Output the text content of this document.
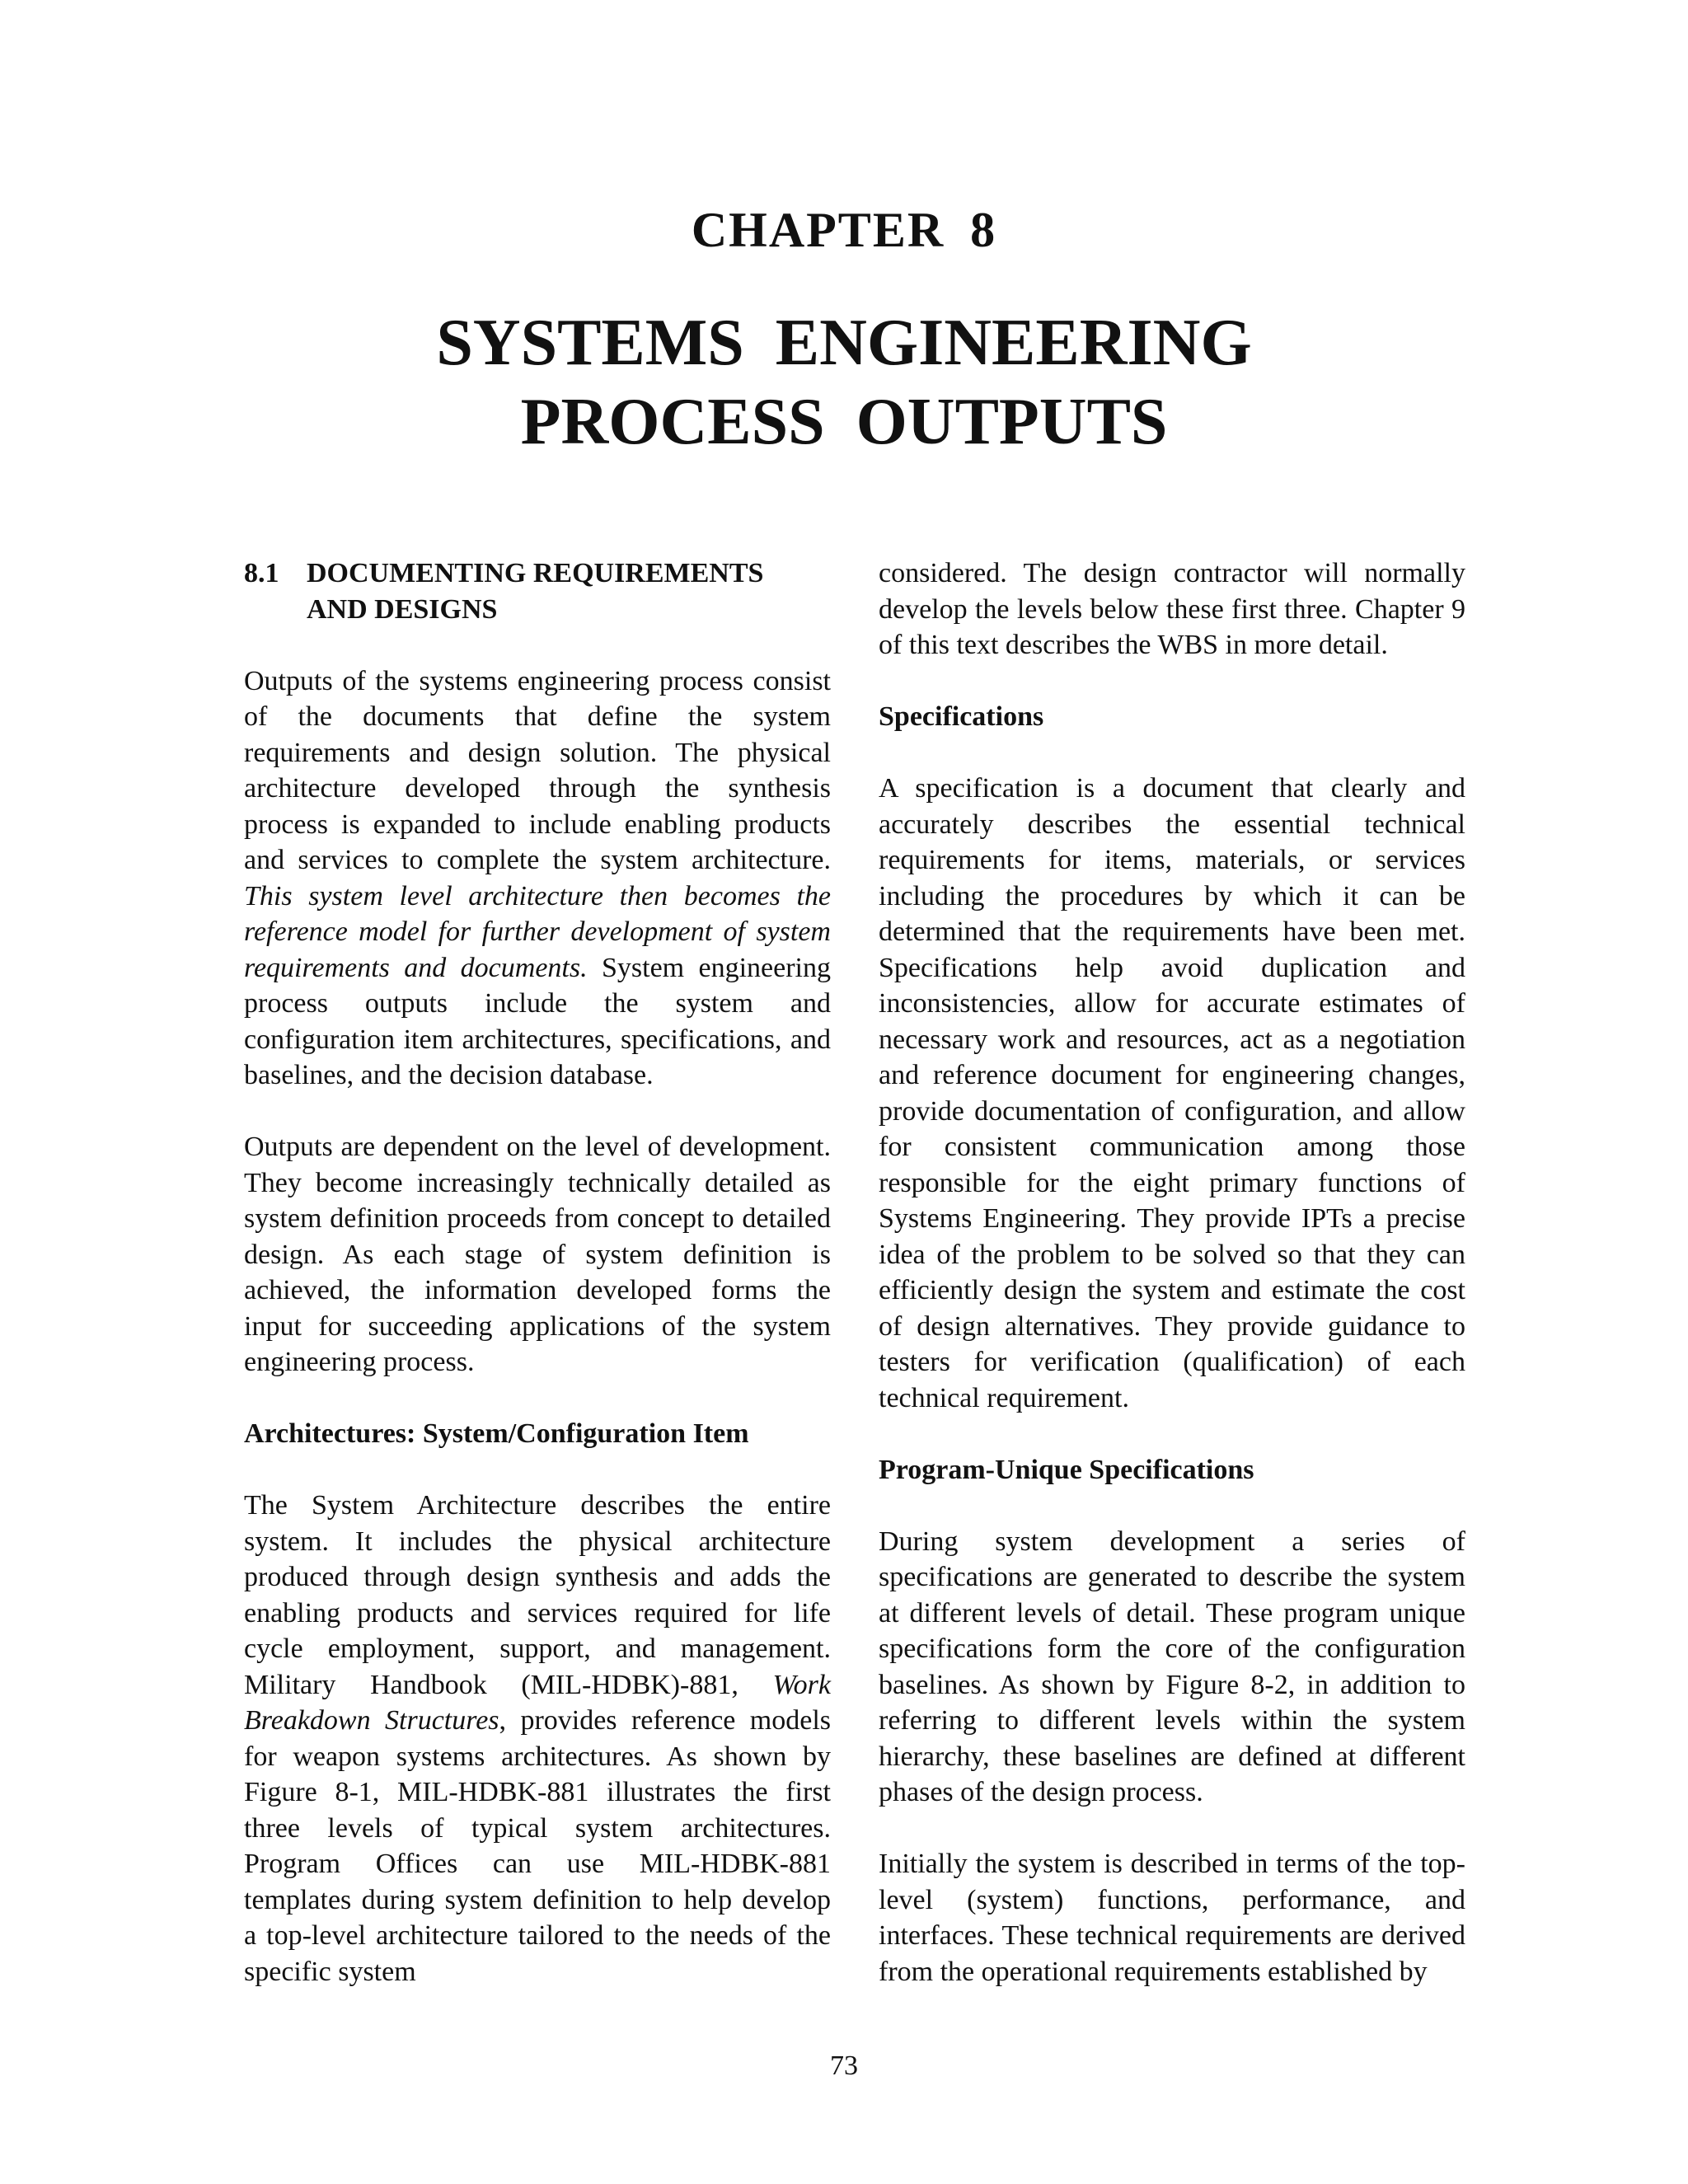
CHAPTER 8
SYSTEMS ENGINEERING
PROCESS OUTPUTS
8.1 DOCUMENTING REQUIREMENTS
AND DESIGNS

Outputs of the systems engineering process consist of the documents that define the system requirements and design solution. The physical architecture developed through the synthesis process is expanded to include enabling products and services to complete the system architecture. This system level architecture then becomes the reference model for further development of system requirements and documents. System engineering process outputs include the system and configuration item architectures, specifications, and baselines, and the decision database.

Outputs are dependent on the level of development. They become increasingly technically detailed as system definition proceeds from concept to detailed design. As each stage of system definition is achieved, the information developed forms the input for succeeding applications of the system engineering process.

Architectures: System/Configuration Item

The System Architecture describes the entire system. It includes the physical architecture produced through design synthesis and adds the enabling products and services required for life cycle employment, support, and management. Military Handbook (MIL-HDBK)-881, Work Breakdown Structures, provides reference models for weapon systems architectures. As shown by Figure 8-1, MIL-HDBK-881 illustrates the first three levels of typical system architectures. Program Offices can use MIL-HDBK-881 templates during system definition to help develop a top-level architecture tailored to the needs of the specific system

considered. The design contractor will normally develop the levels below these first three. Chapter 9 of this text describes the WBS in more detail.

Specifications

A specification is a document that clearly and accurately describes the essential technical requirements for items, materials, or services including the procedures by which it can be determined that the requirements have been met. Specifications help avoid duplication and inconsistencies, allow for accurate estimates of necessary work and resources, act as a negotiation and reference document for engineering changes, provide documentation of configuration, and allow for consistent communication among those responsible for the eight primary functions of Systems Engineering. They provide IPTs a precise idea of the problem to be solved so that they can efficiently design the system and estimate the cost of design alternatives. They provide guidance to testers for verification (qualification) of each technical requirement.

Program-Unique Specifications

During system development a series of specifications are generated to describe the system at different levels of detail. These program unique specifications form the core of the configuration baselines. As shown by Figure 8-2, in addition to referring to different levels within the system hierarchy, these baselines are defined at different phases of the design process.

Initially the system is described in terms of the top-level (system) functions, performance, and interfaces. These technical requirements are derived from the operational requirements established by

73
